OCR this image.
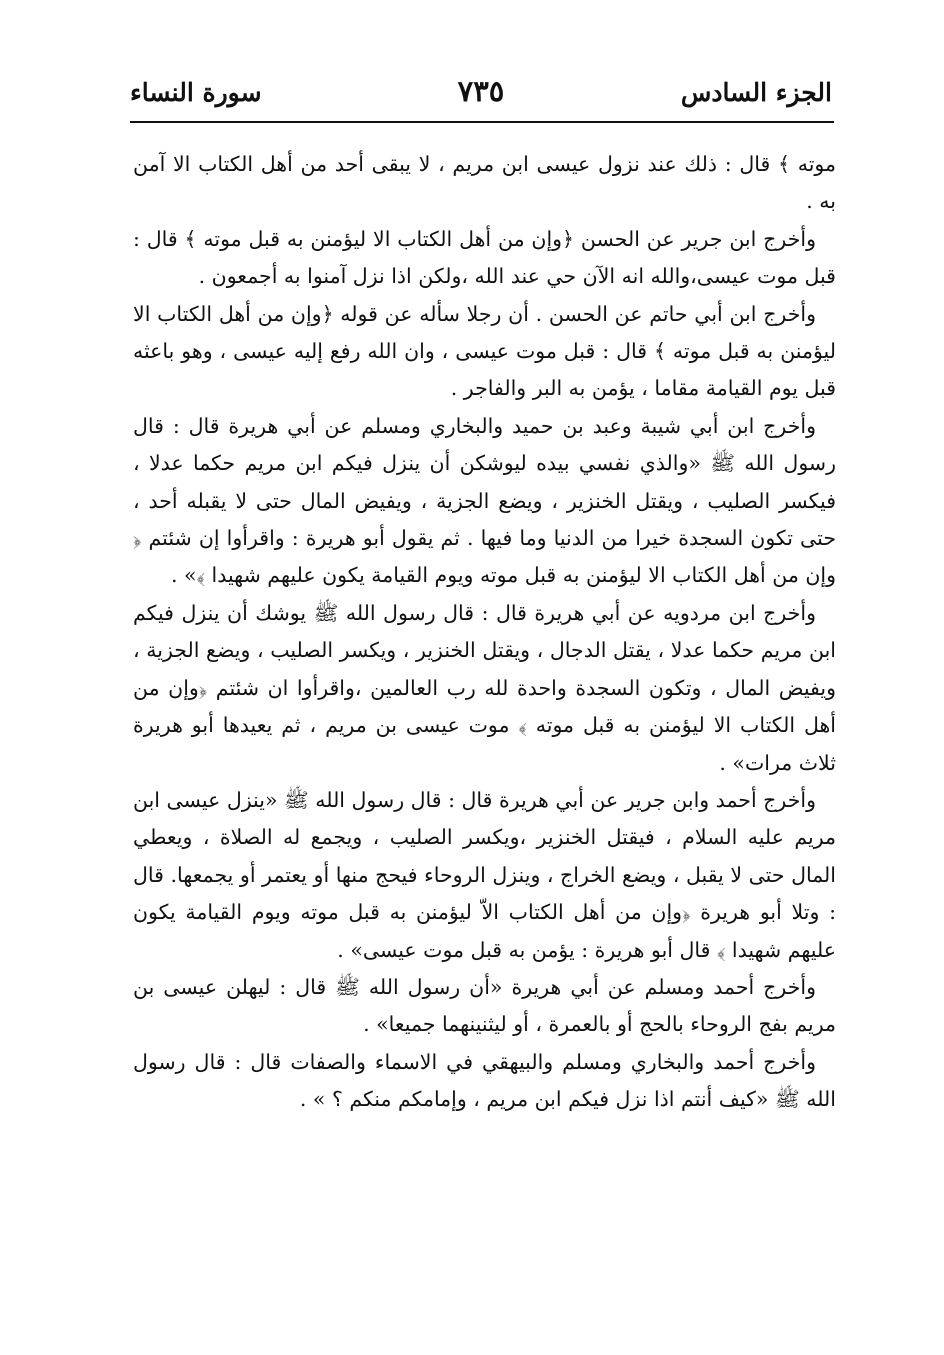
الجزء السادس
٧٣٥
سورة النساء

موته ﴾ قال : ذلك عند نزول عيسى ابن مريم ، لا يبقى أحد من أهل الكتاب الا آمن به .

وأخرج ابن جرير عن الحسن ﴿وإن من أهل الكتاب الا ليؤمنن به قبل موته ﴾ قال : قبل موت عيسى،والله انه الآن حي عند الله ،ولكن اذا نزل آمنوا به أجمعون .

وأخرج ابن أبي حاتم عن الحسن . أن رجلا سأله عن قوله ﴿وإن من أهل الكتاب الا ليؤمنن به قبل موته ﴾ قال : قبل موت عيسى ، وان الله رفع إليه عيسى ، وهو باعثه قبل يوم القيامة مقاما ، يؤمن به البر والفاجر .

وأخرج ابن أبي شيبة وعبد بن حميد والبخاري ومسلم عن أبي هريرة قال : قال رسول الله ﷺ «والذي نفسي بيده ليوشكن أن ينزل فيكم ابن مريم حكما عدلا ، فيكسر الصليب ، ويقتل الخنزير ، ويضع الجزية ، ويفيض المال حتى لا يقبله أحد ، حتى تكون السجدة خيرا من الدنيا وما فيها . ثم يقول أبو هريرة : واقرأوا إن شئتم ﴿ وإن من أهل الكتاب الا ليؤمنن به قبل موته ويوم القيامة يكون عليهم شهيدا ﴾» .

وأخرج ابن مردويه عن أبي هريرة قال : قال رسول الله ﷺ يوشك أن ينزل فيكم ابن مريم حكما عدلا ، يقتل الدجال ، ويقتل الخنزير ، ويكسر الصليب ، ويضع الجزية ، ويفيض المال ، وتكون السجدة واحدة لله رب العالمين ،واقرأوا ان شئتم ﴿وإن من أهل الكتاب الا ليؤمنن به قبل موته ﴾ موت عيسى بن مريم ، ثم يعيدها أبو هريرة ثلاث مرات» .

وأخرج أحمد وابن جرير عن أبي هريرة قال : قال رسول الله ﷺ «ينزل عيسى ابن مريم عليه السلام ، فيقتل الخنزير ،ويكسر الصليب ، ويجمع له الصلاة ، ويعطي المال حتى لا يقبل ، ويضع الخراج ، وينزل الروحاء فيحج منها أو يعتمر أو يجمعها. قال : وتلا أبو هريرة ﴿وإن من أهل الكتاب الاّ ليؤمنن به قبل موته ويوم القيامة يكون عليهم شهيدا ﴾ قال أبو هريرة : يؤمن به قبل موت عيسى» .

وأخرج أحمد ومسلم عن أبي هريرة «أن رسول الله ﷺ قال : ليهلن عيسى بن مريم بفج الروحاء بالحج أو بالعمرة ، أو ليثنينهما جميعا» .

وأخرج أحمد والبخاري ومسلم والبيهقي في الاسماء والصفات قال : قال رسول الله ﷺ «كيف أنتم اذا نزل فيكم ابن مريم ، وإمامكم منكم ؟ » .
